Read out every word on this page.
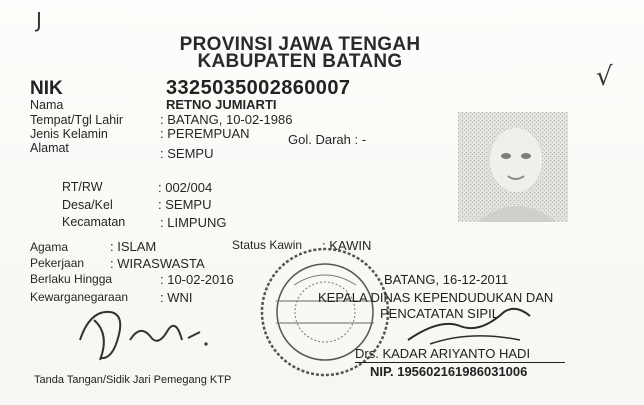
J
√
PROVINSI JAWA TENGAH
KABUPATEN BATANG
NIK	3325035002860007
Nama	RETNO JUMIARTI
Tempat/Tgl Lahir	: BATANG, 10-02-1986
Jenis Kelamin	: PEREMPUAN	Gol. Darah : -
Alamat	: SEMPU
RT/RW	: 002/004
Desa/Kel	: SEMPU
Kecamatan	: LIMPUNG
Agama	: ISLAM	Status Kawin : KAWIN
Pekerjaan : WIRASWASTA
Berlaku Hingga	: 10-02-2016
Kewarganegaraan : WNI
BATANG, 16-12-2011
KEPALA DINAS KEPENDUDUKAN DAN
PENCATATAN SIPIL
Drs. KADAR ARIYANTO HADI
NIP. 195602161986031006
Tanda Tangan/Sidik Jari Pemegang KTP
